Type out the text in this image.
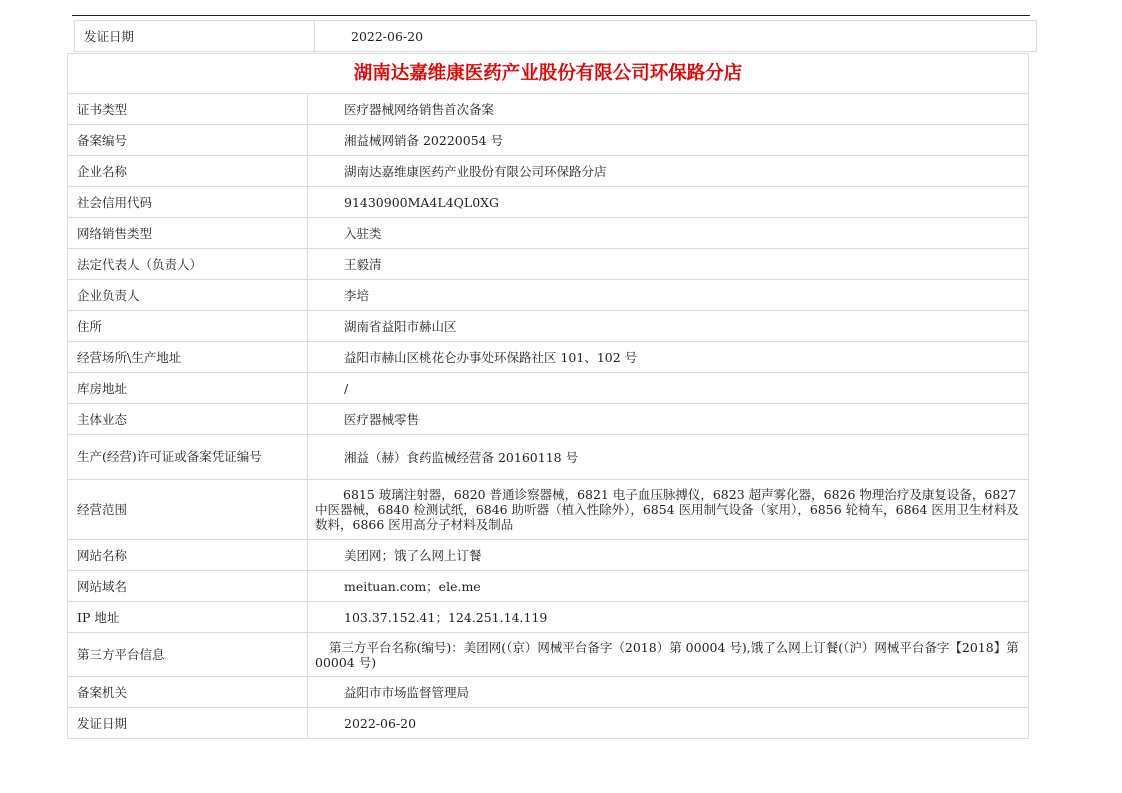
发证日期	2022-06-20
湖南达嘉维康医药产业股份有限公司环保路分店	
证书类型	医疗器械网络销售首次备案
备案编号	湘益械网销备 20220054 号
企业名称	湖南达嘉维康医药产业股份有限公司环保路分店
社会信用代码	91430900MA4L4QL0XG
网络销售类型	入驻类
法定代表人（负责人）	王毅清
企业负责人	李培
住所	湖南省益阳市赫山区
经营场所\生产地址	益阳市赫山区桃花仑办事处环保路社区 101、102 号
库房地址	/
主体业态	医疗器械零售
生产(经营)许可证或备案凭证编号	湘益（赫）食药监械经营备 20160118 号
经营范围	6815 玻璃注射器，6820 普通诊察器械，6821 电子血压脉搏仪，6823 超声雾化器，6826 物理治疗及康复设备，6827 中医器械，6840 检测试纸，6846 助听器（植入性除外），6854 医用制气设备（家用），6856 轮椅车，6864 医用卫生材料及数料，6866 医用高分子材料及制品
网站名称	美团网；饿了么网上订餐
网站域名	meituan.com；ele.me
IP 地址	103.37.152.41；124.251.14.119
第三方平台信息	第三方平台名称(编号)：美团网(（京）网械平台备字（2018）第 00004 号),饿了么网上订餐(（沪）网械平台备字【2018】第 00004 号)
备案机关	益阳市市场监督管理局
发证日期	2022-06-20
